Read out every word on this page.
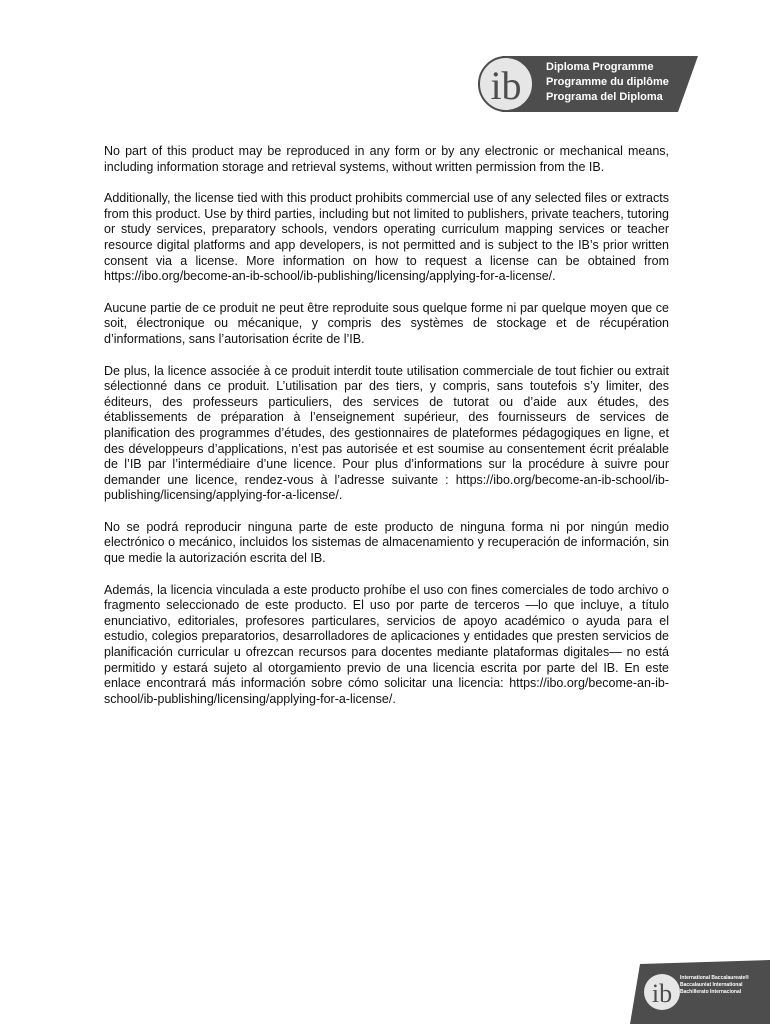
ib Diploma Programme
Programme du diplôme
Programa del Diploma

No part of this product may be reproduced in any form or by any electronic or mechanical means, including information storage and retrieval systems, without written permission from the IB.

Additionally, the license tied with this product prohibits commercial use of any selected files or extracts from this product. Use by third parties, including but not limited to publishers, private teachers, tutoring or study services, preparatory schools, vendors operating curriculum mapping services or teacher resource digital platforms and app developers, is not permitted and is subject to the IB’s prior written consent via a license. More information on how to request a license can be obtained from https://ibo.org/become-an-ib-school/ib-publishing/licensing/applying-for-a-license/.

Aucune partie de ce produit ne peut être reproduite sous quelque forme ni par quelque moyen que ce soit, électronique ou mécanique, y compris des systèmes de stockage et de récupération d’informations, sans l’autorisation écrite de l’IB.

De plus, la licence associée à ce produit interdit toute utilisation commerciale de tout fichier ou extrait sélectionné dans ce produit. L’utilisation par des tiers, y compris, sans toutefois s’y limiter, des éditeurs, des professeurs particuliers, des services de tutorat ou d’aide aux études, des établissements de préparation à l’enseignement supérieur, des fournisseurs de services de planification des programmes d’études, des gestionnaires de plateformes pédagogiques en ligne, et des développeurs d’applications, n’est pas autorisée et est soumise au consentement écrit préalable de l’IB par l’intermédiaire d’une licence. Pour plus d’informations sur la procédure à suivre pour demander une licence, rendez-vous à l’adresse suivante : https://ibo.org/become-an-ib-school/ib-publishing/licensing/applying-for-a-license/.

No se podrá reproducir ninguna parte de este producto de ninguna forma ni por ningún medio electrónico o mecánico, incluidos los sistemas de almacenamiento y recuperación de información, sin que medie la autorización escrita del IB.

Además, la licencia vinculada a este producto prohíbe el uso con fines comerciales de todo archivo o fragmento seleccionado de este producto. El uso por parte de terceros —lo que incluye, a título enunciativo, editoriales, profesores particulares, servicios de apoyo académico o ayuda para el estudio, colegios preparatorios, desarrolladores de aplicaciones y entidades que presten servicios de planificación curricular u ofrezcan recursos para docentes mediante plataformas digitales— no está permitido y estará sujeto al otorgamiento previo de una licencia escrita por parte del IB. En este enlace encontrará más información sobre cómo solicitar una licencia: https://ibo.org/become-an-ib-school/ib-publishing/licensing/applying-for-a-license/.

ib
International Baccalaureate®
Baccalauréat International
Bachillerato Internacional
